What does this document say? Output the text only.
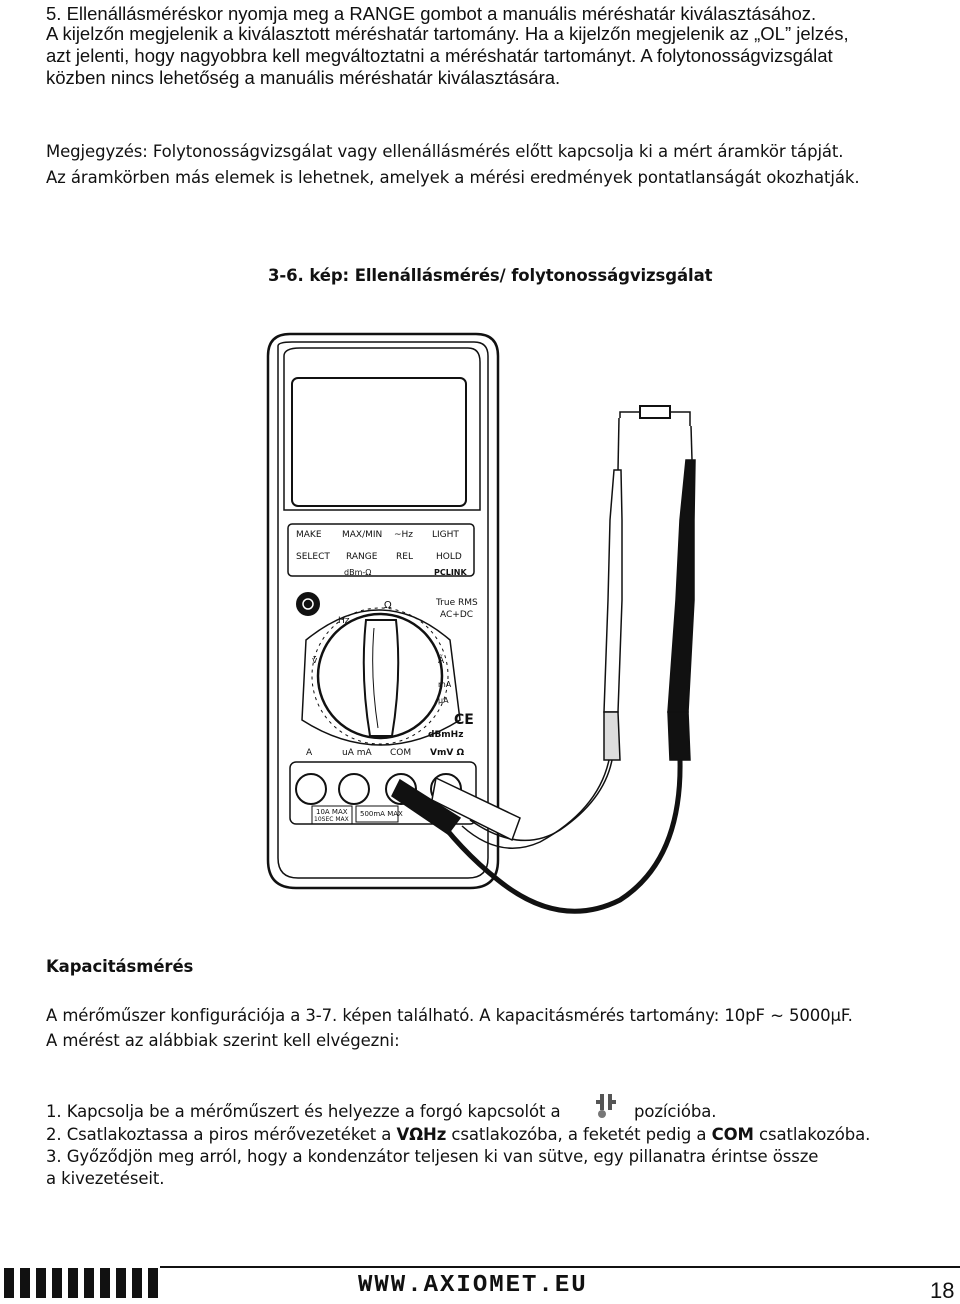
5. Ellenállásméréskor nyomja meg a RANGE gombot a manuális méréshatár kiválasztásához.
A kijelzőn megjelenik a kiválasztott méréshatár tartomány. Ha a kijelzőn megjelenik az „OL” jelzés,
azt jelenti, hogy nagyobbra kell megváltoztatni a méréshatár tartományt. A folytonosságvizsgálat
közben nincs lehetőség a manuális méréshatár kiválasztására.
Megjegyzés: Folytonosságvizsgálat vagy ellenállásmérés előtt kapcsolja ki a mért áramkör tápját.
Az áramkörben más elemek is lehetnek, amelyek a mérési eredmények pontatlanságát okozhatják.
3-6. kép: Ellenállásmérés/ folytonosságvizsgálat
MAKE MAX/MIN ~Hz LIGHT
SELECT RANGE REL	HOLD
dBm-Ω	PCLINK
True RMS
AC+DC
Ω
Hz
ṽ	Ã
mA
μA
CE
dBmHz
A	uA mA COM VmV Ω
10A MAX
10SEC MAX
500mA MAX
Kapacitásmérés
A mérőműszer konfigurációja a 3-7. képen található. A kapacitásmérés tartomány: 10pF ~ 5000μF.
A mérést az alábbiak szerint kell elvégezni:
1. Kapcsolja be a mérőműszert és helyezze a forgó kapcsolót a	pozícióba.
2. Csatlakoztassa a piros mérővezetéket a VΩHz csatlakozóba, a feketét pedig a COM csatlakozóba.
3. Győződjön meg arról, hogy a kondenzátor teljesen ki van sütve, egy pillanatra érintse össze
a kivezetéseit.
WWW.AXIOMET.EU	18
